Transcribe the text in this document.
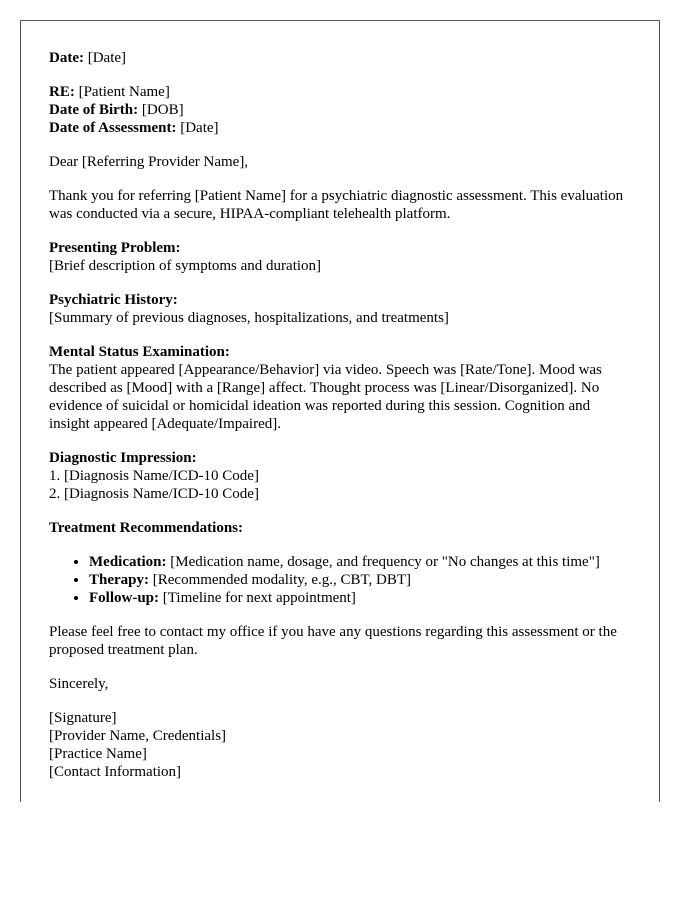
Date: [Date]

RE: [Patient Name]
Date of Birth: [DOB]
Date of Assessment: [Date]

Dear [Referring Provider Name],

Thank you for referring [Patient Name] for a psychiatric diagnostic assessment. This evaluation was conducted via a secure, HIPAA-compliant telehealth platform.

Presenting Problem:
[Brief description of symptoms and duration]

Psychiatric History:
[Summary of previous diagnoses, hospitalizations, and treatments]

Mental Status Examination:
The patient appeared [Appearance/Behavior] via video. Speech was [Rate/Tone]. Mood was described as [Mood] with a [Range] affect. Thought process was [Linear/Disorganized]. No evidence of suicidal or homicidal ideation was reported during this session. Cognition and insight appeared [Adequate/Impaired].

Diagnostic Impression:
1. [Diagnosis Name/ICD-10 Code]
2. [Diagnosis Name/ICD-10 Code]

Treatment Recommendations:
• Medication: [Medication name, dosage, and frequency or "No changes at this time"]
• Therapy: [Recommended modality, e.g., CBT, DBT]
• Follow-up: [Timeline for next appointment]

Please feel free to contact my office if you have any questions regarding this assessment or the proposed treatment plan.

Sincerely,

[Signature]
[Provider Name, Credentials]
[Practice Name]
[Contact Information]
